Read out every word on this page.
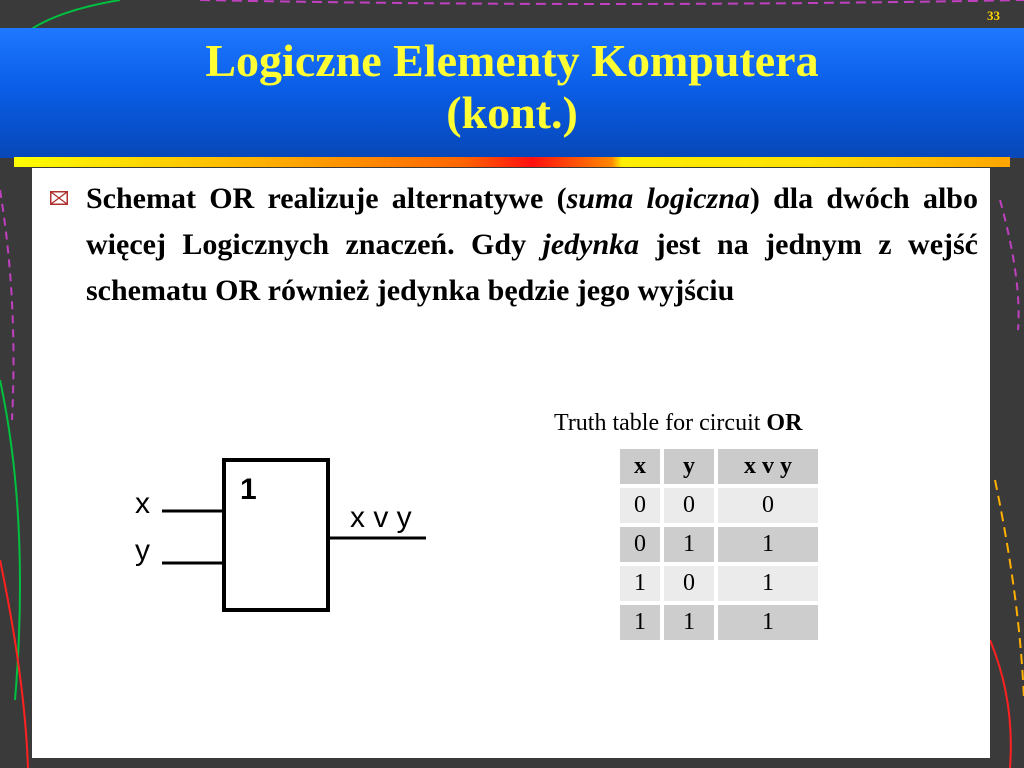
33
Logiczne Elementy Komputera
(kont.)
Schemat OR realizuje alternatywe (suma logiczna) dla dwóch albo więcej Logicznych znaczeń. Gdy jedynka jest na jednym z wejść schematu OR również jedynka będzie jego wyjściu
1
x
y
x v y
Truth table for circuit OR
x	y	x v y
0	0	0
0	1	1
1	0	1
1	1	1
